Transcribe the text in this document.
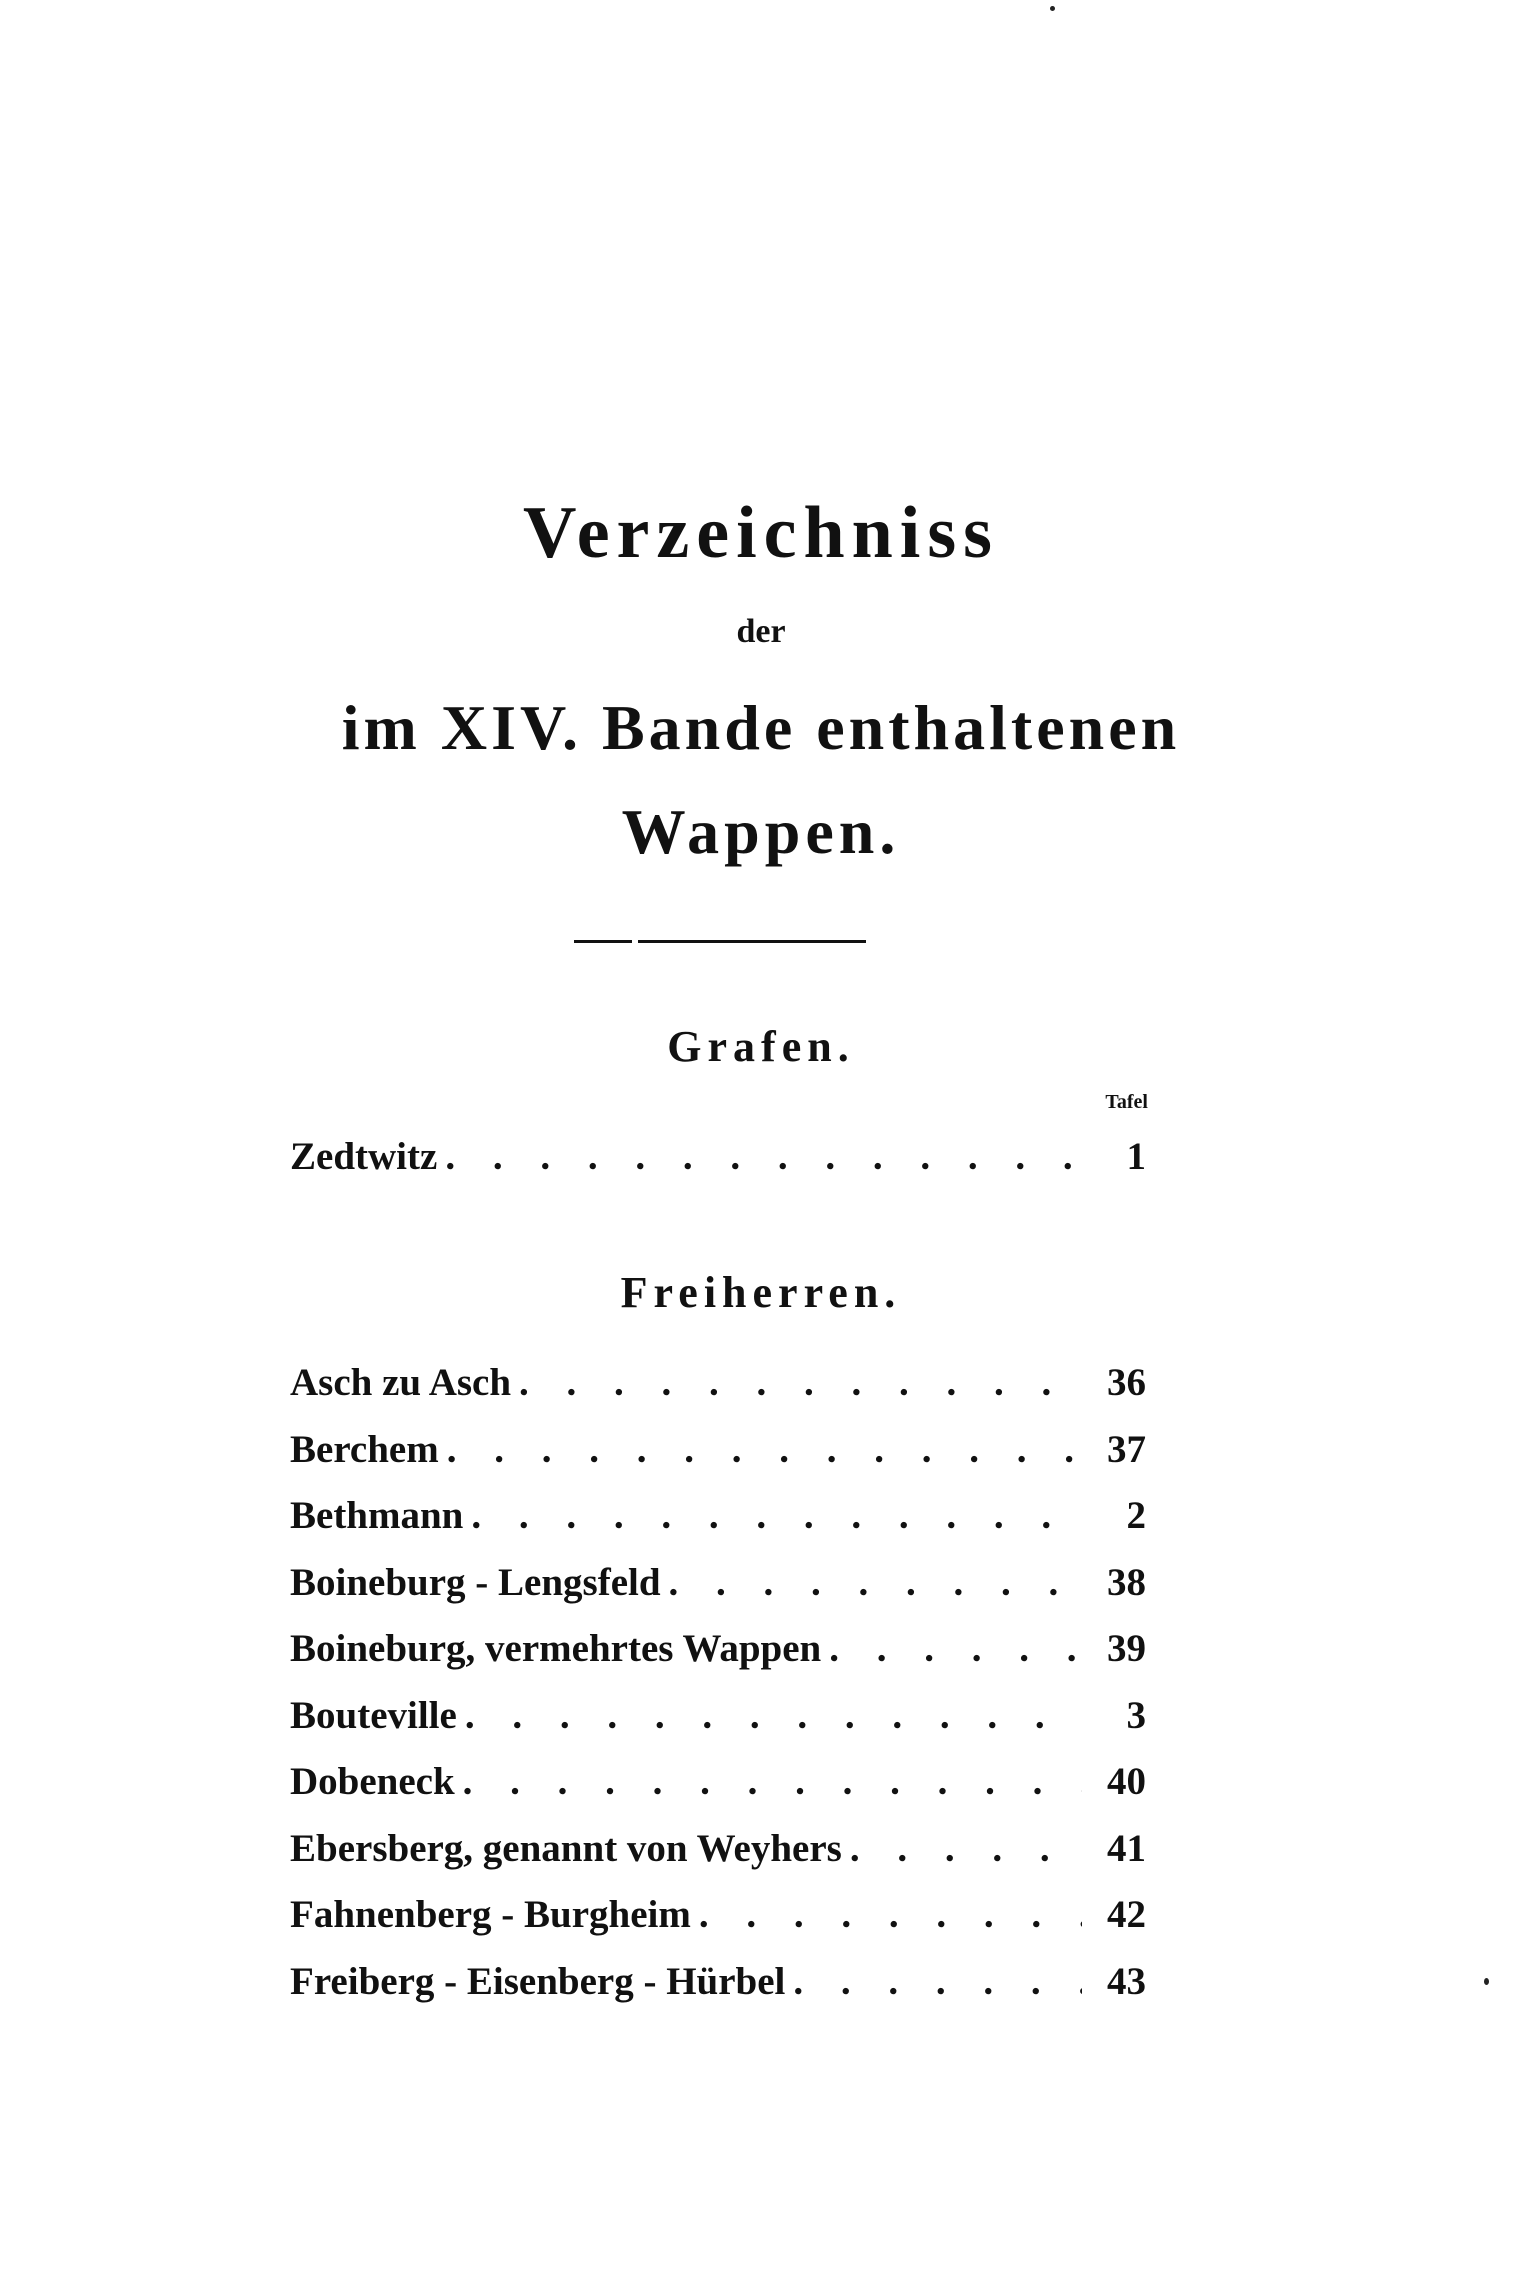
Verzeichniss
der
im XIV. Bande enthaltenen
Wappen.
Grafen.
Tafel
Zedtwitz . . .	1
Freiherren.
Asch zu Asch . . .	36
Berchem . . .	37
Bethmann . . .	2
Boineburg - Lengsfeld . . .	38
Boineburg, vermehrtes Wappen . . .	39
Bouteville . . .	3
Dobeneck . . .	40
Ebersberg, genannt von Weyhers . . .	41
Fahnenberg - Burgheim . . .	42
Freiberg - Eisenberg - Hürbel . . .	43
